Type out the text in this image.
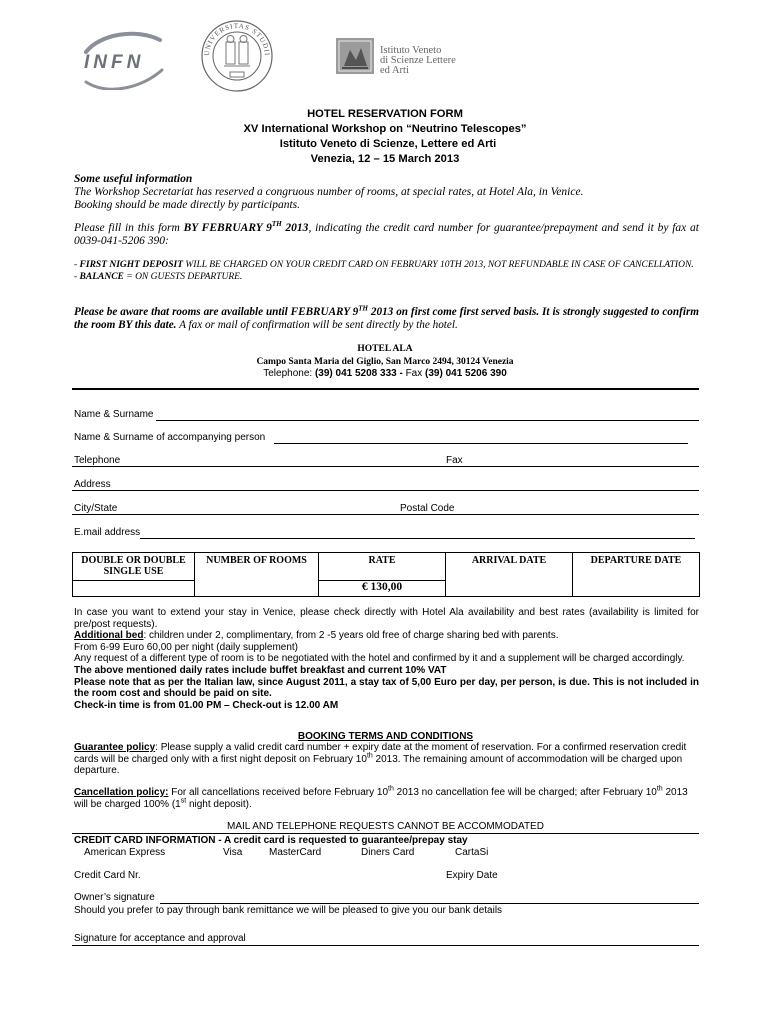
INFN	UNIVERSITAS STUDII	Istituto Veneto
di Scienze Lettere
ed Arti
HOTEL RESERVATION FORM
XV International Workshop on “Neutrino Telescopes”
Istituto Veneto di Scienze, Lettere ed Arti
Venezia, 12 – 15 March 2013
Some useful information
The Workshop Secretariat has reserved a congruous number of rooms, at special rates, at Hotel Ala, in Venice.
Booking should be made directly by participants.
Please fill in this form BY FEBRUARY 9TH 2013, indicating the credit card number for guarantee/prepayment and send it by fax at 0039-041-5206 390:
- FIRST NIGHT DEPOSIT WILL BE CHARGED ON YOUR CREDIT CARD ON FEBRUARY 10TH 2013, NOT REFUNDABLE IN CASE OF CANCELLATION.
- BALANCE = ON GUESTS DEPARTURE.
Please be aware that rooms are available until FEBRUARY 9TH 2013 on first come first served basis. It is strongly suggested to confirm the room BY this date. A fax or mail of confirmation will be sent directly by the hotel.
HOTEL ALA
Campo Santa Maria del Giglio, San Marco 2494, 30124 Venezia
Telephone: (39) 041 5208 333 - Fax (39) 041 5206 390
Name & Surname
Name & Surname of accompanying person
Telephone	Fax
Address
City/State	Postal Code
E.mail address
DOUBLE OR DOUBLE SINGLE USE	NUMBER OF ROOMS	RATE	ARRIVAL DATE	DEPARTURE DATE
		€ 130,00		
In case you want to extend your stay in Venice, please check directly with Hotel Ala availability and best rates (availability is limited for pre/post requests).
Additional bed: children under 2, complimentary, from 2 -5 years old free of charge sharing bed with parents.
From 6-99 Euro 60,00 per night (daily supplement)
Any request of a different type of room is to be negotiated with the hotel and confirmed by it and a supplement will be charged accordingly.
The above mentioned daily rates include buffet breakfast and current 10% VAT
Please note that as per the Italian law, since August 2011, a stay tax of 5,00 Euro per day, per person, is due. This is not included in the room cost and should be paid on site.
Check-in time is from 01.00 PM – Check-out is 12.00 AM
BOOKING TERMS AND CONDITIONS
Guarantee policy: Please supply a valid credit card number + expiry date at the moment of reservation. For a confirmed reservation credit cards will be charged only with a first night deposit on February 10th 2013. The remaining amount of accommodation will be charged upon departure.
Cancellation policy: For all cancellations received before February 10th 2013 no cancellation fee will be charged; after February 10th 2013 will be charged 100% (1st night deposit).
MAIL AND TELEPHONE REQUESTS CANNOT BE ACCOMMODATED
CREDIT CARD INFORMATION - A credit card is requested to guarantee/prepay stay
American Express	Visa	MasterCard	Diners Card	CartaSi
Credit Card Nr.	Expiry Date
Owner’s signature
Should you prefer to pay through bank remittance we will be pleased to give you our bank details
Signature for acceptance and approval
